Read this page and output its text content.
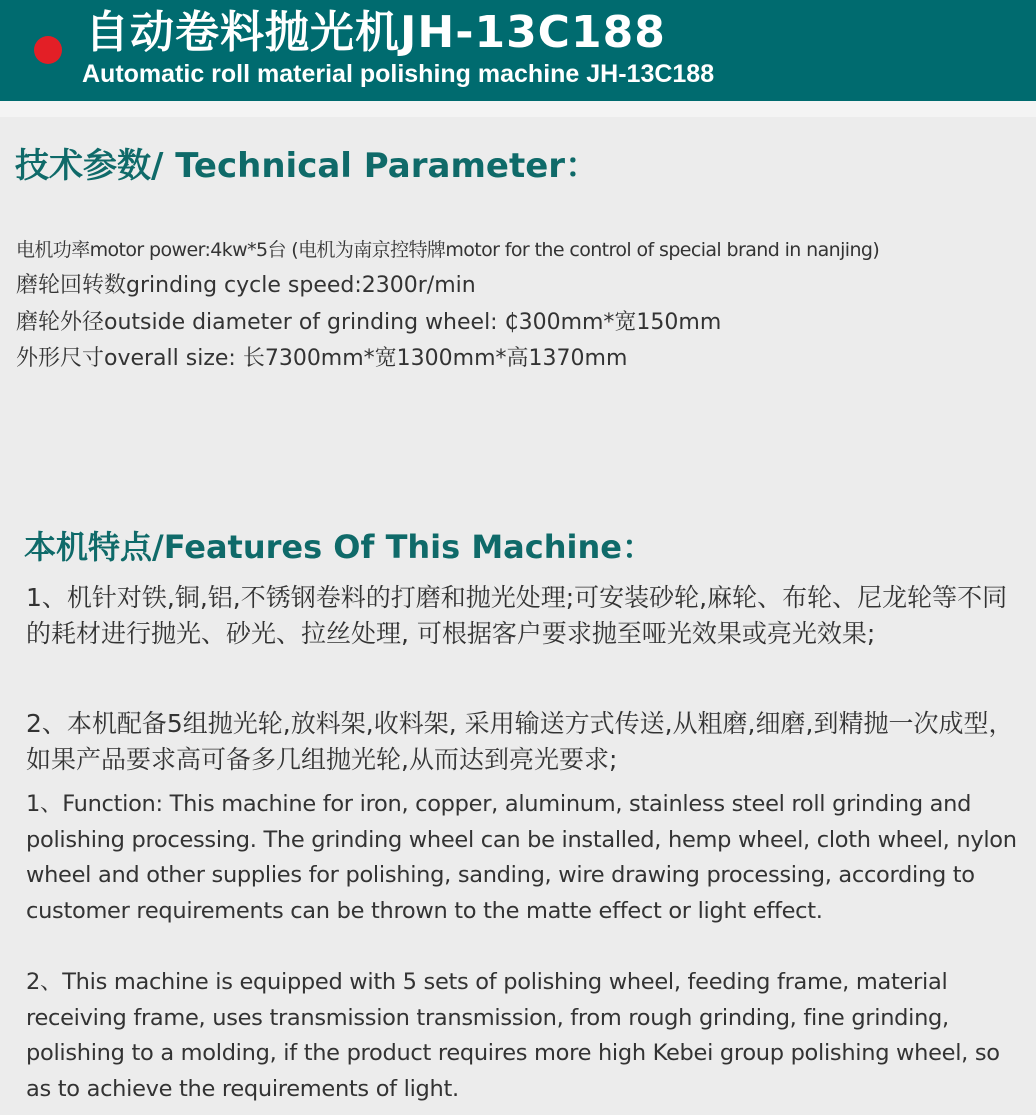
自动卷料抛光机JH-13C188
Automatic roll material polishing machine JH-13C188
技术参数/ Technical Parameter：
电机功率motor power:4kw*5台 (电机为南京控特牌motor for the control of special brand in nanjing)
磨轮回转数grinding cycle speed:2300r/min
磨轮外径outside diameter of grinding wheel: ₵300mm*宽150mm
外形尺寸overall size: 长7300mm*宽1300mm*高1370mm
本机特点/Features Of This Machine：
1、机针对铁,铜,铝,不锈钢卷料的打磨和抛光处理;可安装砂轮,麻轮、布轮、尼龙轮等不同的耗材进行抛光、砂光、拉丝处理, 可根据客户要求抛至哑光效果或亮光效果;
2、本机配备5组抛光轮,放料架,收料架, 采用输送方式传送,从粗磨,细磨,到精抛一次成型，如果产品要求高可备多几组抛光轮,从而达到亮光要求;
1、Function: This machine for iron, copper, aluminum, stainless steel roll grinding and polishing processing. The grinding wheel can be installed, hemp wheel, cloth wheel, nylon wheel and other supplies for polishing, sanding, wire drawing processing, according to customer requirements can be thrown to the matte effect or light effect.
2、This machine is equipped with 5 sets of polishing wheel, feeding frame, material receiving frame, uses transmission transmission, from rough grinding, fine grinding, polishing to a molding, if the product requires more high Kebei group polishing wheel, so as to achieve the requirements of light.
